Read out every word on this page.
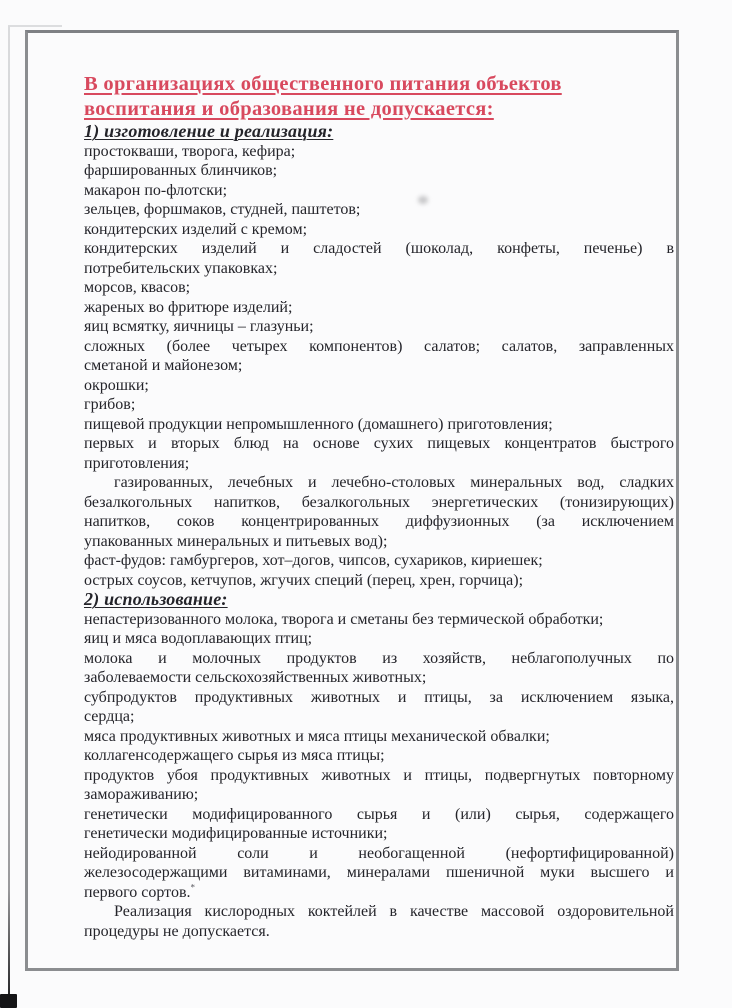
В организациях общественного питания объектов
воспитания и образования не допускается:
1) изготовление и реализация:
простокваши, творога, кефира;
фаршированных блинчиков;
макарон по-флотски;
зельцев, форшмаков, студней, паштетов;
кондитерских изделий с кремом;
кондитерских изделий и сладостей (шоколад, конфеты, печенье) в
потребительских упаковках;
морсов, квасов;
жареных во фритюре изделий;
яиц всмятку, яичницы – глазуньи;
сложных (более четырех компонентов) салатов; салатов, заправленных
сметаной и майонезом;
окрошки;
грибов;
пищевой продукции непромышленного (домашнего) приготовления;
первых и вторых блюд на основе сухих пищевых концентратов быстрого
приготовления;
газированных, лечебных и лечебно-столовых минеральных вод, сладких
безалкогольных напитков, безалкогольных энергетических (тонизирующих)
напитков, соков концентрированных диффузионных (за исключением
упакованных минеральных и питьевых вод);
фаст-фудов: гамбургеров, хот–догов, чипсов, сухариков, кириешек;
острых соусов, кетчупов, жгучих специй (перец, хрен, горчица);
2) использование:
непастеризованного молока, творога и сметаны без термической обработки;
яиц и мяса водоплавающих птиц;
молока и молочных продуктов из хозяйств, неблагополучных по
заболеваемости сельскохозяйственных животных;
субпродуктов продуктивных животных и птицы, за исключением языка,
сердца;
мяса продуктивных животных и мяса птицы механической обвалки;
коллагенсодержащего сырья из мяса птицы;
продуктов убоя продуктивных животных и птицы, подвергнутых повторному
замораживанию;
генетически модифицированного сырья и (или) сырья, содержащего
генетически модифицированные источники;
нейодированной соли и необогащенной (нефортифицированной)
железосодержащими витаминами, минералами пшеничной муки высшего и
первого сортов.*
Реализация кислородных коктейлей в качестве массовой оздоровительной
процедуры не допускается.
